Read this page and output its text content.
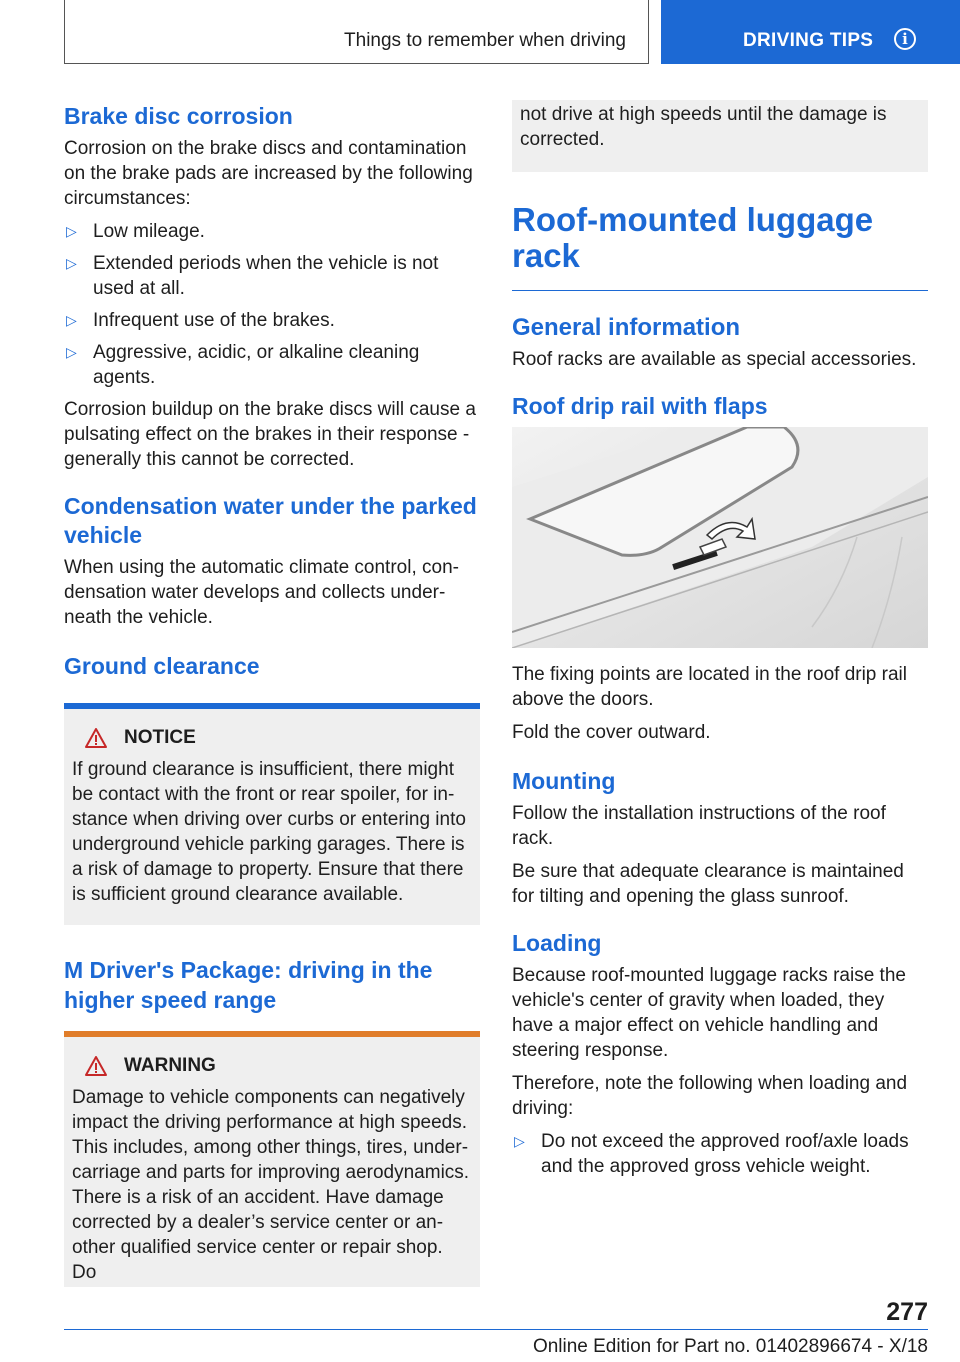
Things to remember when driving	DRIVING TIPS	i
Brake disc corrosion

Corrosion on the brake discs and contamination on the brake pads are increased by the following circumstances:

▷ Low mileage.
▷ Extended periods when the vehicle is not used at all.
▷ Infrequent use of the brakes.
▷ Aggressive, acidic, or alkaline cleaning agents.

Corrosion buildup on the brake discs will cause a pulsating effect on the brakes in their response - generally this cannot be corrected.

Condensation water under the parked vehicle

When using the automatic climate control, condensation water develops and collects underneath the vehicle.

Ground clearance
NOTICE

If ground clearance is insufficient, there might be contact with the front or rear spoiler, for instance when driving over curbs or entering into underground vehicle parking garages. There is a risk of damage to property. Ensure that there is sufficient ground clearance available.

M Driver's Package: driving in the higher speed range
WARNING

Damage to vehicle components can negatively impact the driving performance at high speeds. This includes, among other things, tires, undercarriage and parts for improving aerodynamics. There is a risk of an accident. Have damage corrected by a dealer’s service center or another qualified service center or repair shop. Do

not drive at high speeds until the damage is corrected.

Roof-mounted luggage rack
General information

Roof racks are available as special accessories.

Roof drip rail with flaps

The fixing points are located in the roof drip rail above the doors.

Fold the cover outward.

Mounting

Follow the installation instructions of the roof rack.

Be sure that adequate clearance is maintained for tilting and opening the glass sunroof.

Loading

Because roof-mounted luggage racks raise the vehicle's center of gravity when loaded, they have a major effect on vehicle handling and steering response.

Therefore, note the following when loading and driving:

▷ Do not exceed the approved roof/axle loads and the approved gross vehicle weight.
277
Online Edition for Part no. 01402896674 - X/18
